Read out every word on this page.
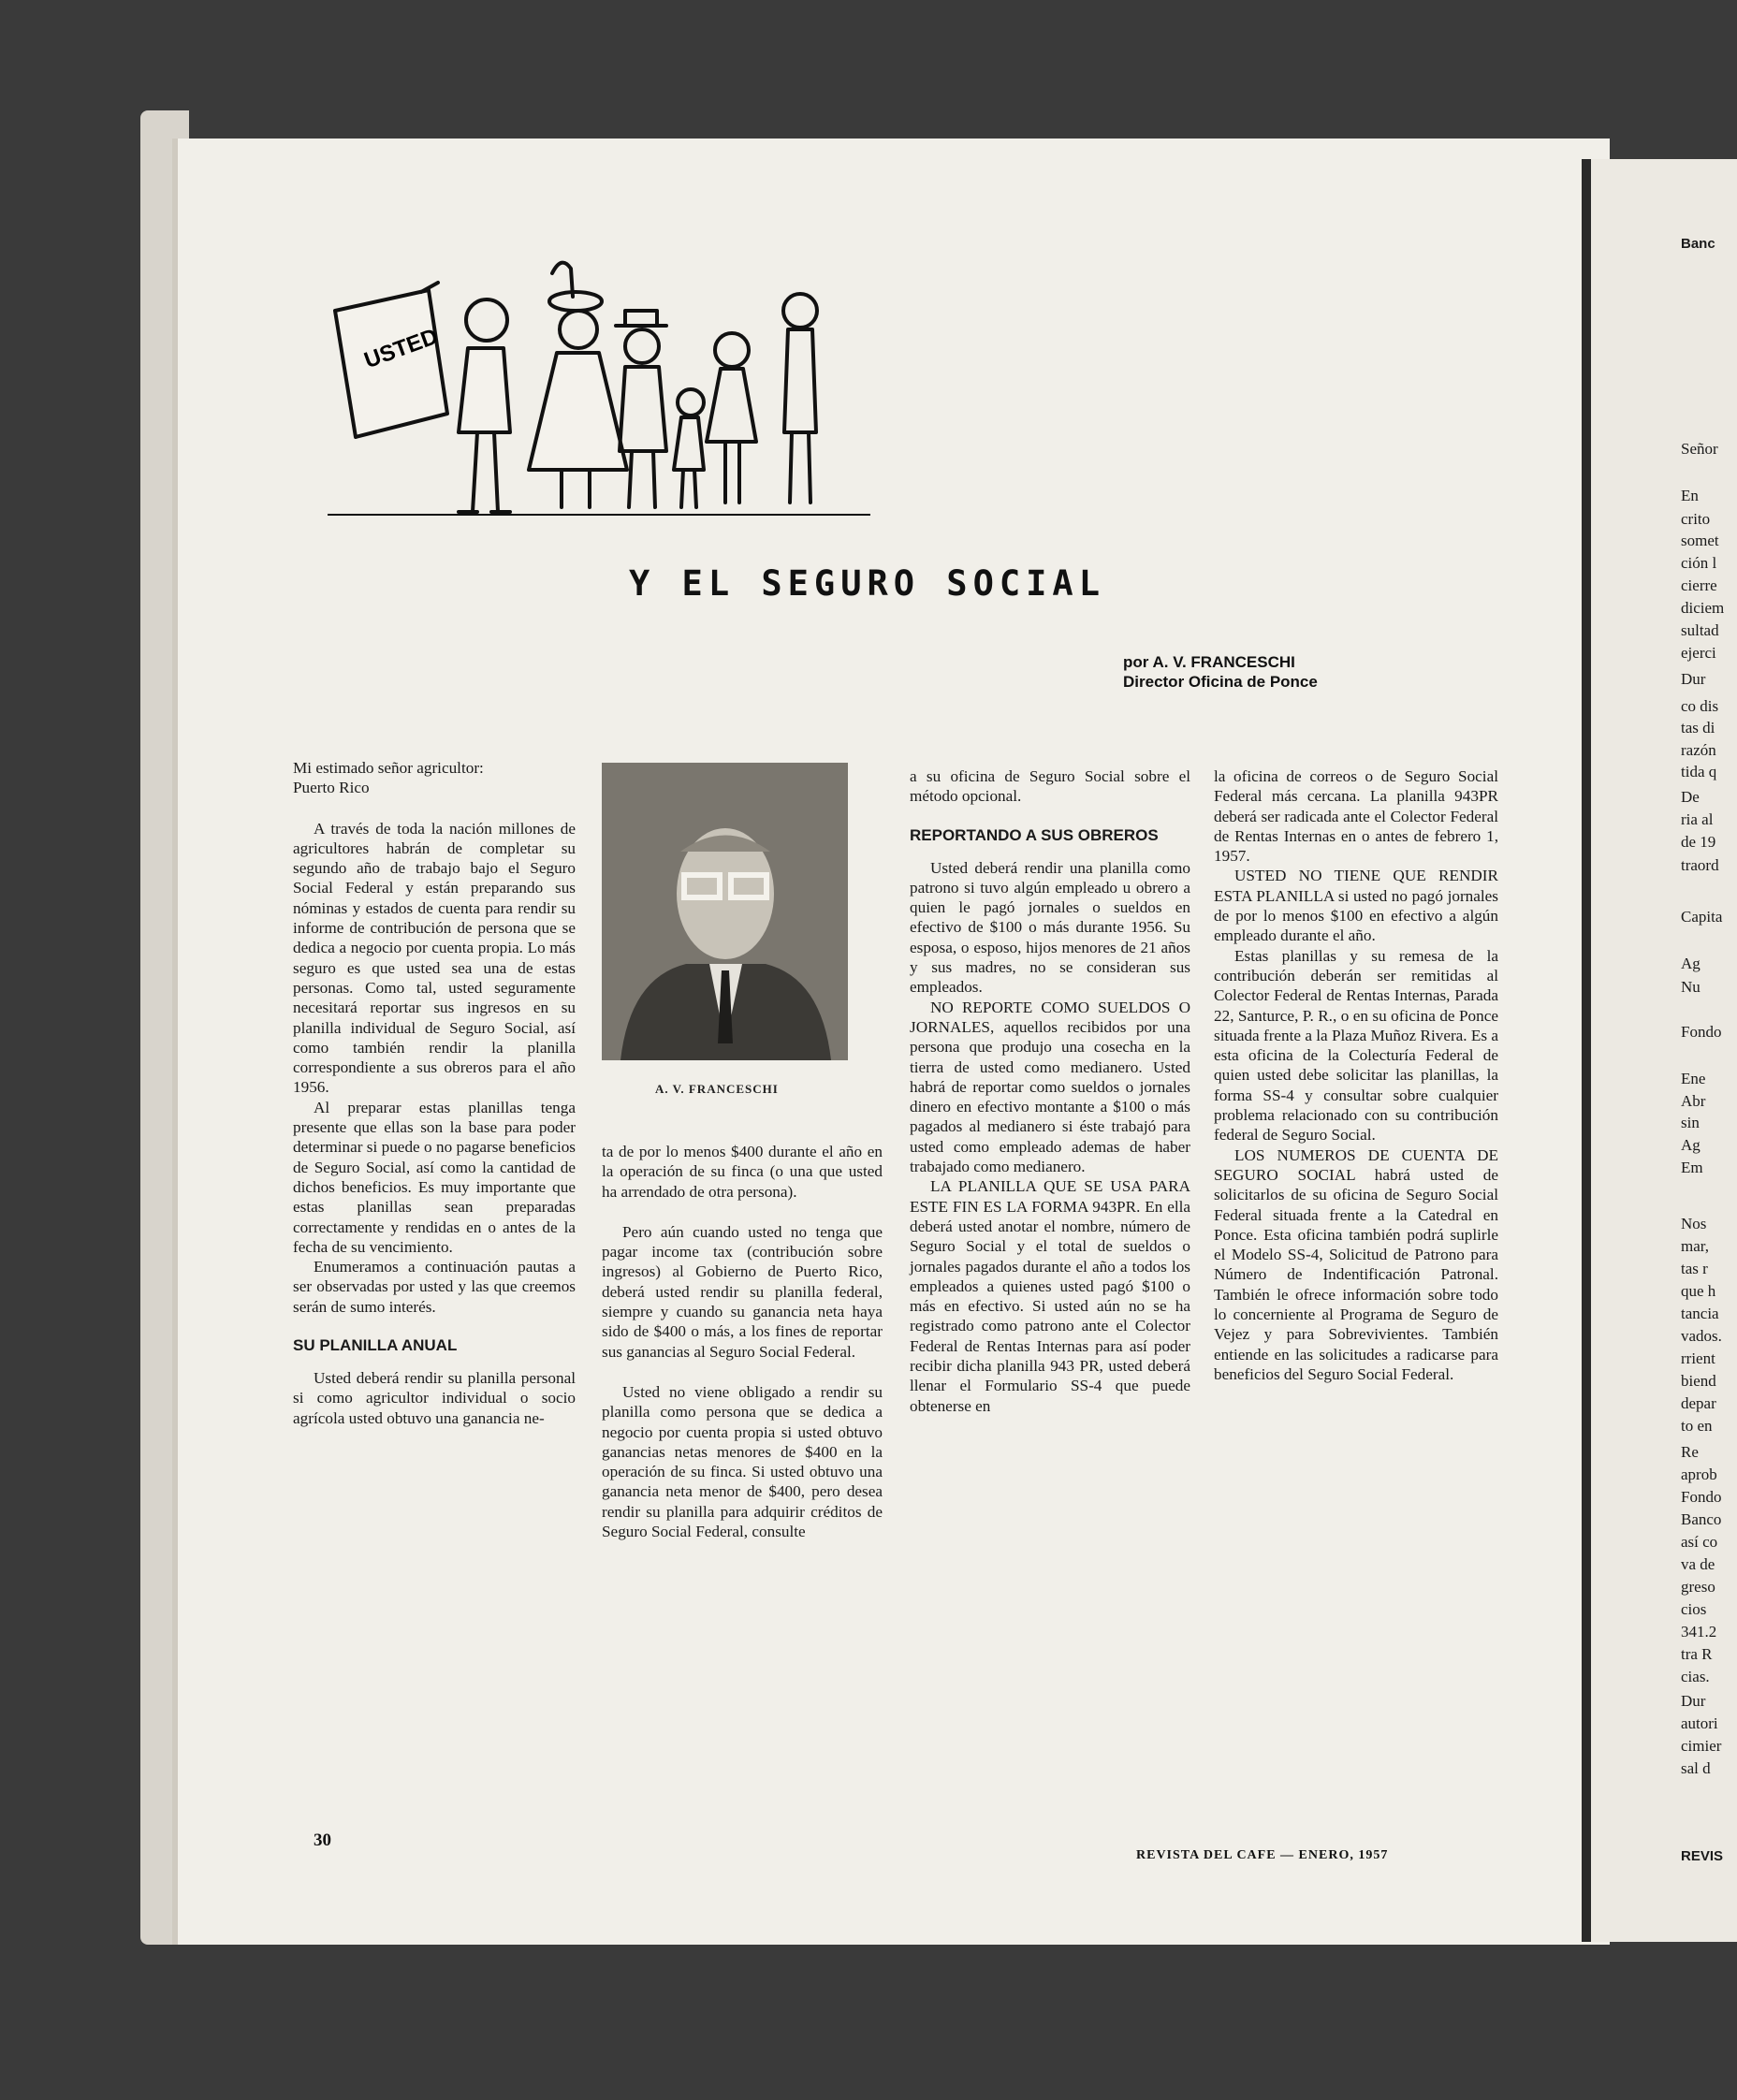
USTED
Y EL SEGURO SOCIAL
por A. V. FRANCESCHI
Director Oficina de Ponce

Mi estimado señor agricultor:

Puerto Rico

A través de toda la nación millones de agricultores habrán de completar su segundo año de trabajo bajo el Seguro Social Federal y están preparando sus nóminas y estados de cuenta para rendir su informe de contribución de persona que se dedica a negocio por cuenta propia. Lo más seguro es que usted sea una de estas personas. Como tal, usted seguramente necesitará reportar sus ingresos en su planilla individual de Seguro Social, así como también rendir la planilla correspondiente a sus obreros para el año 1956.

Al preparar estas planillas tenga presente que ellas son la base para poder determinar si puede o no pagarse beneficios de Seguro Social, así como la cantidad de dichos beneficios. Es muy importante que estas planillas sean preparadas correctamente y rendidas en o antes de la fecha de su vencimiento.

Enumeramos a continuación pautas a ser observadas por usted y las que creemos serán de sumo interés.

SU PLANILLA ANUAL

Usted deberá rendir su planilla personal si como agricultor individual o socio agrícola usted obtuvo una ganancia ne-

A. V. FRANCESCHI

ta de por lo menos $400 durante el año en la operación de su finca (o una que usted ha arrendado de otra persona).

Pero aún cuando usted no tenga que pagar income tax (contribución sobre ingresos) al Gobierno de Puerto Rico, deberá usted rendir su planilla federal, siempre y cuando su ganancia neta haya sido de $400 o más, a los fines de reportar sus ganancias al Seguro Social Federal.

Usted no viene obligado a rendir su planilla como persona que se dedica a negocio por cuenta propia si usted obtuvo ganancias netas menores de $400 en la operación de su finca. Si usted obtuvo una ganancia neta menor de $400, pero desea rendir su planilla para adquirir créditos de Seguro Social Federal, consulte

a su oficina de Seguro Social sobre el método opcional.

REPORTANDO A SUS OBREROS

Usted deberá rendir una planilla como patrono si tuvo algún empleado u obrero a quien le pagó jornales o sueldos en efectivo de $100 o más durante 1956. Su esposa, o esposo, hijos menores de 21 años y sus madres, no se consideran sus empleados.

NO REPORTE COMO SUELDOS O JORNALES, aquellos recibidos por una persona que produjo una cosecha en la tierra de usted como medianero. Usted habrá de reportar como sueldos o jornales dinero en efectivo montante a $100 o más pagados al medianero si éste trabajó para usted como empleado ademas de haber trabajado como medianero.

LA PLANILLA QUE SE USA PARA ESTE FIN ES LA FORMA 943PR. En ella deberá usted anotar el nombre, número de Seguro Social y el total de sueldos o jornales pagados durante el año a todos los empleados a quienes usted pagó $100 o más en efectivo. Si usted aún no se ha registrado como patrono ante el Colector Federal de Rentas Internas para así poder recibir dicha planilla 943 PR, usted deberá llenar el Formulario SS-4 que puede obtenerse en

la oficina de correos o de Seguro Social Federal más cercana. La planilla 943PR deberá ser radicada ante el Colector Federal de Rentas Internas en o antes de febrero 1, 1957.

USTED NO TIENE QUE RENDIR ESTA PLANILLA si usted no pagó jornales de por lo menos $100 en efectivo a algún empleado durante el año.

Estas planillas y su remesa de la contribución deberán ser remitidas al Colector Federal de Rentas Internas, Parada 22, Santurce, P. R., o en su oficina de Ponce situada frente a la Plaza Muñoz Rivera. Es a esta oficina de la Colecturía Federal de quien usted debe solicitar las planillas, la forma SS-4 y consultar sobre cualquier problema relacionado con su contribución federal de Seguro Social.

LOS NUMEROS DE CUENTA DE SEGURO SOCIAL habrá usted de solicitarlos de su oficina de Seguro Social Federal situada frente a la Catedral en Ponce. Esta oficina también podrá suplirle el Modelo SS-4, Solicitud de Patrono para Número de Indentificación Patronal. También le ofrece información sobre todo lo concerniente al Programa de Seguro de Vejez y para Sobrevivientes. También entiende en las solicitudes a radicarse para beneficios del Seguro Social Federal.

30
REVISTA DEL CAFE — ENERO, 1957
Banc
Señor
En
crito
somet
ción l
cierre
diciem
sultad
ejerci
Dur
co dis
tas di
razón
tida q
De
ria al
de 19
traord
Capita
Ag
Nu
Fondo
Ene
Abr
sin
Ag
Em
Nos
mar,
tas r
que h
tancia
vados.
rrient
biend
depar
to en
Re
aprob
Fondo
Banco
así co
va de
greso
cios
341.2
tra R
cias.
Dur
autori
cimier
sal d
REVIS
